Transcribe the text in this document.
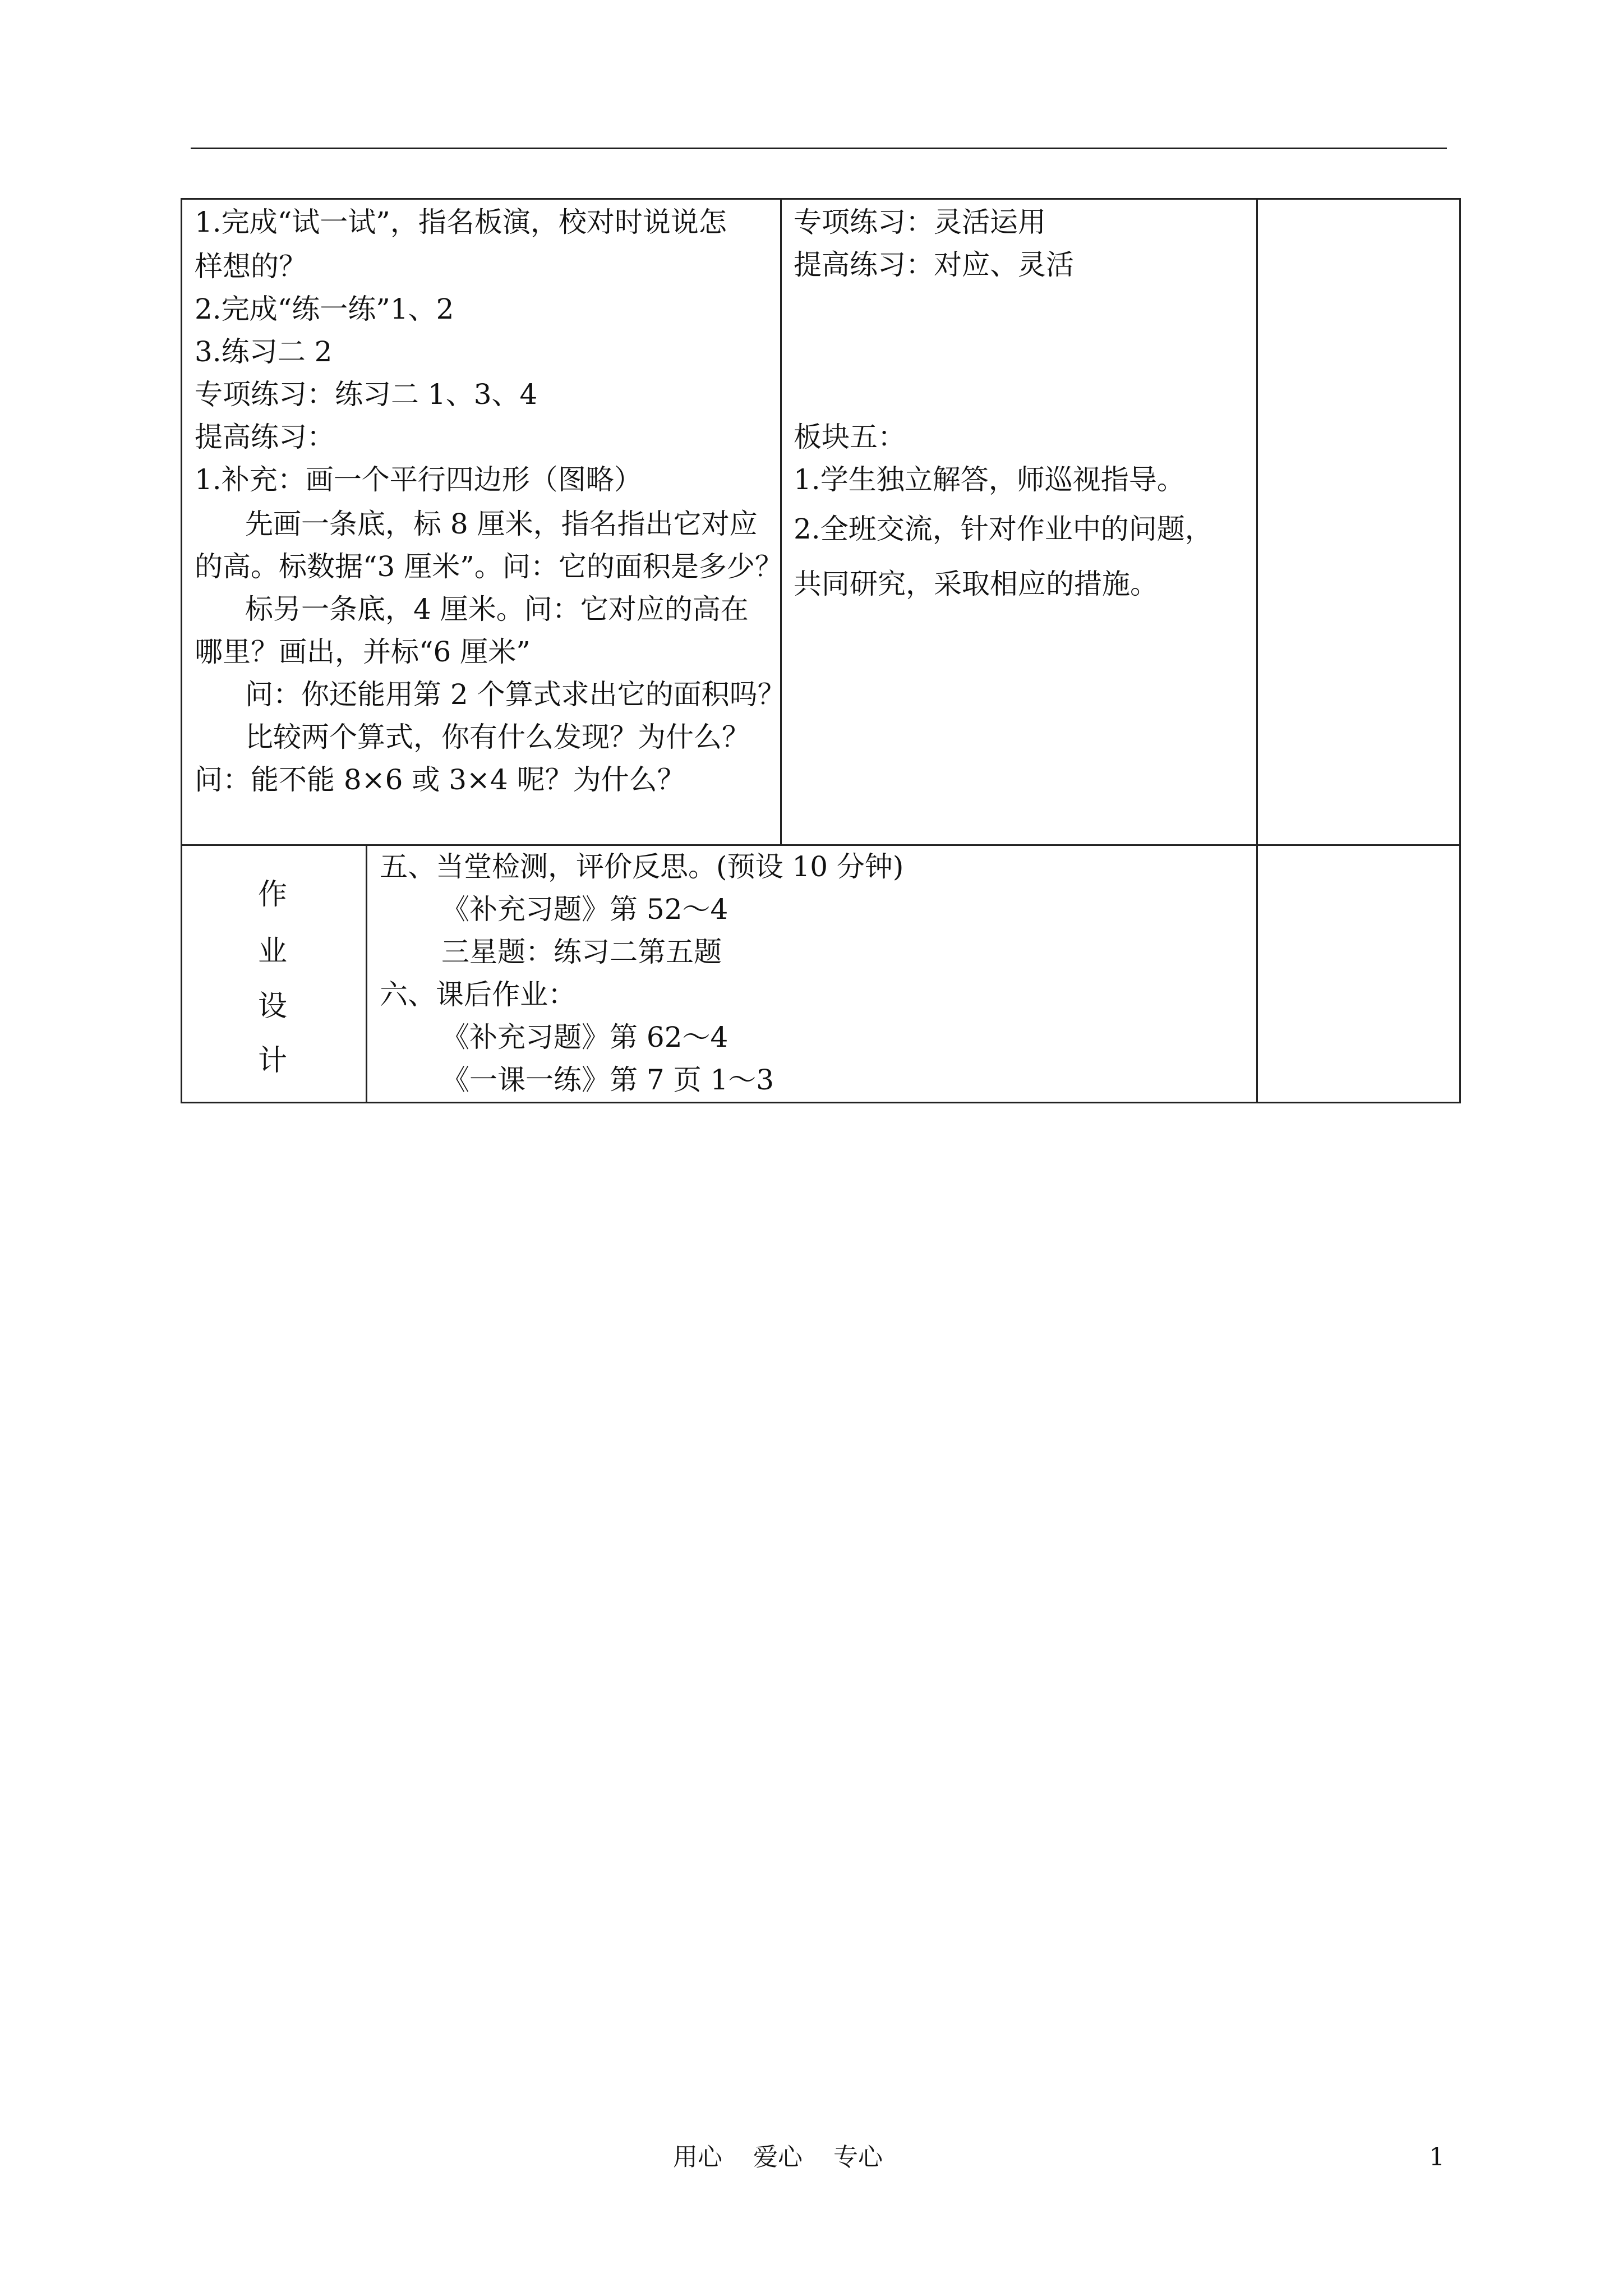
1.完成“试一试”，指名板演，校对时说说怎
样想的？
2.完成“练一练”1、2
3.练习二 2
专项练习：练习二 1、3、4
提高练习：
1.补充：画一个平行四边形（图略）
先画一条底，标 8 厘米，指名指出它对应
的高。标数据“3 厘米”。问：它的面积是多少？
标另一条底，4 厘米。问：它对应的高在
哪里？画出，并标“6 厘米”
问：你还能用第 2 个算式求出它的面积吗？
比较两个算式，你有什么发现？为什么？
问：能不能 8×6 或 3×4 呢？为什么？
专项练习：灵活运用
提高练习：对应、灵活
板块五：
1.学生独立解答，师巡视指导。
2.全班交流，针对作业中的问题，
共同研究，采取相应的措施。
作
业
设
计
五、当堂检测，评价反思。(预设 10 分钟)
《补充习题》第 52～4
三星题：练习二第五题
六、课后作业：
《补充习题》第 62～4
《一课一练》第 7 页 1～3
用心 爱心 专心	1
